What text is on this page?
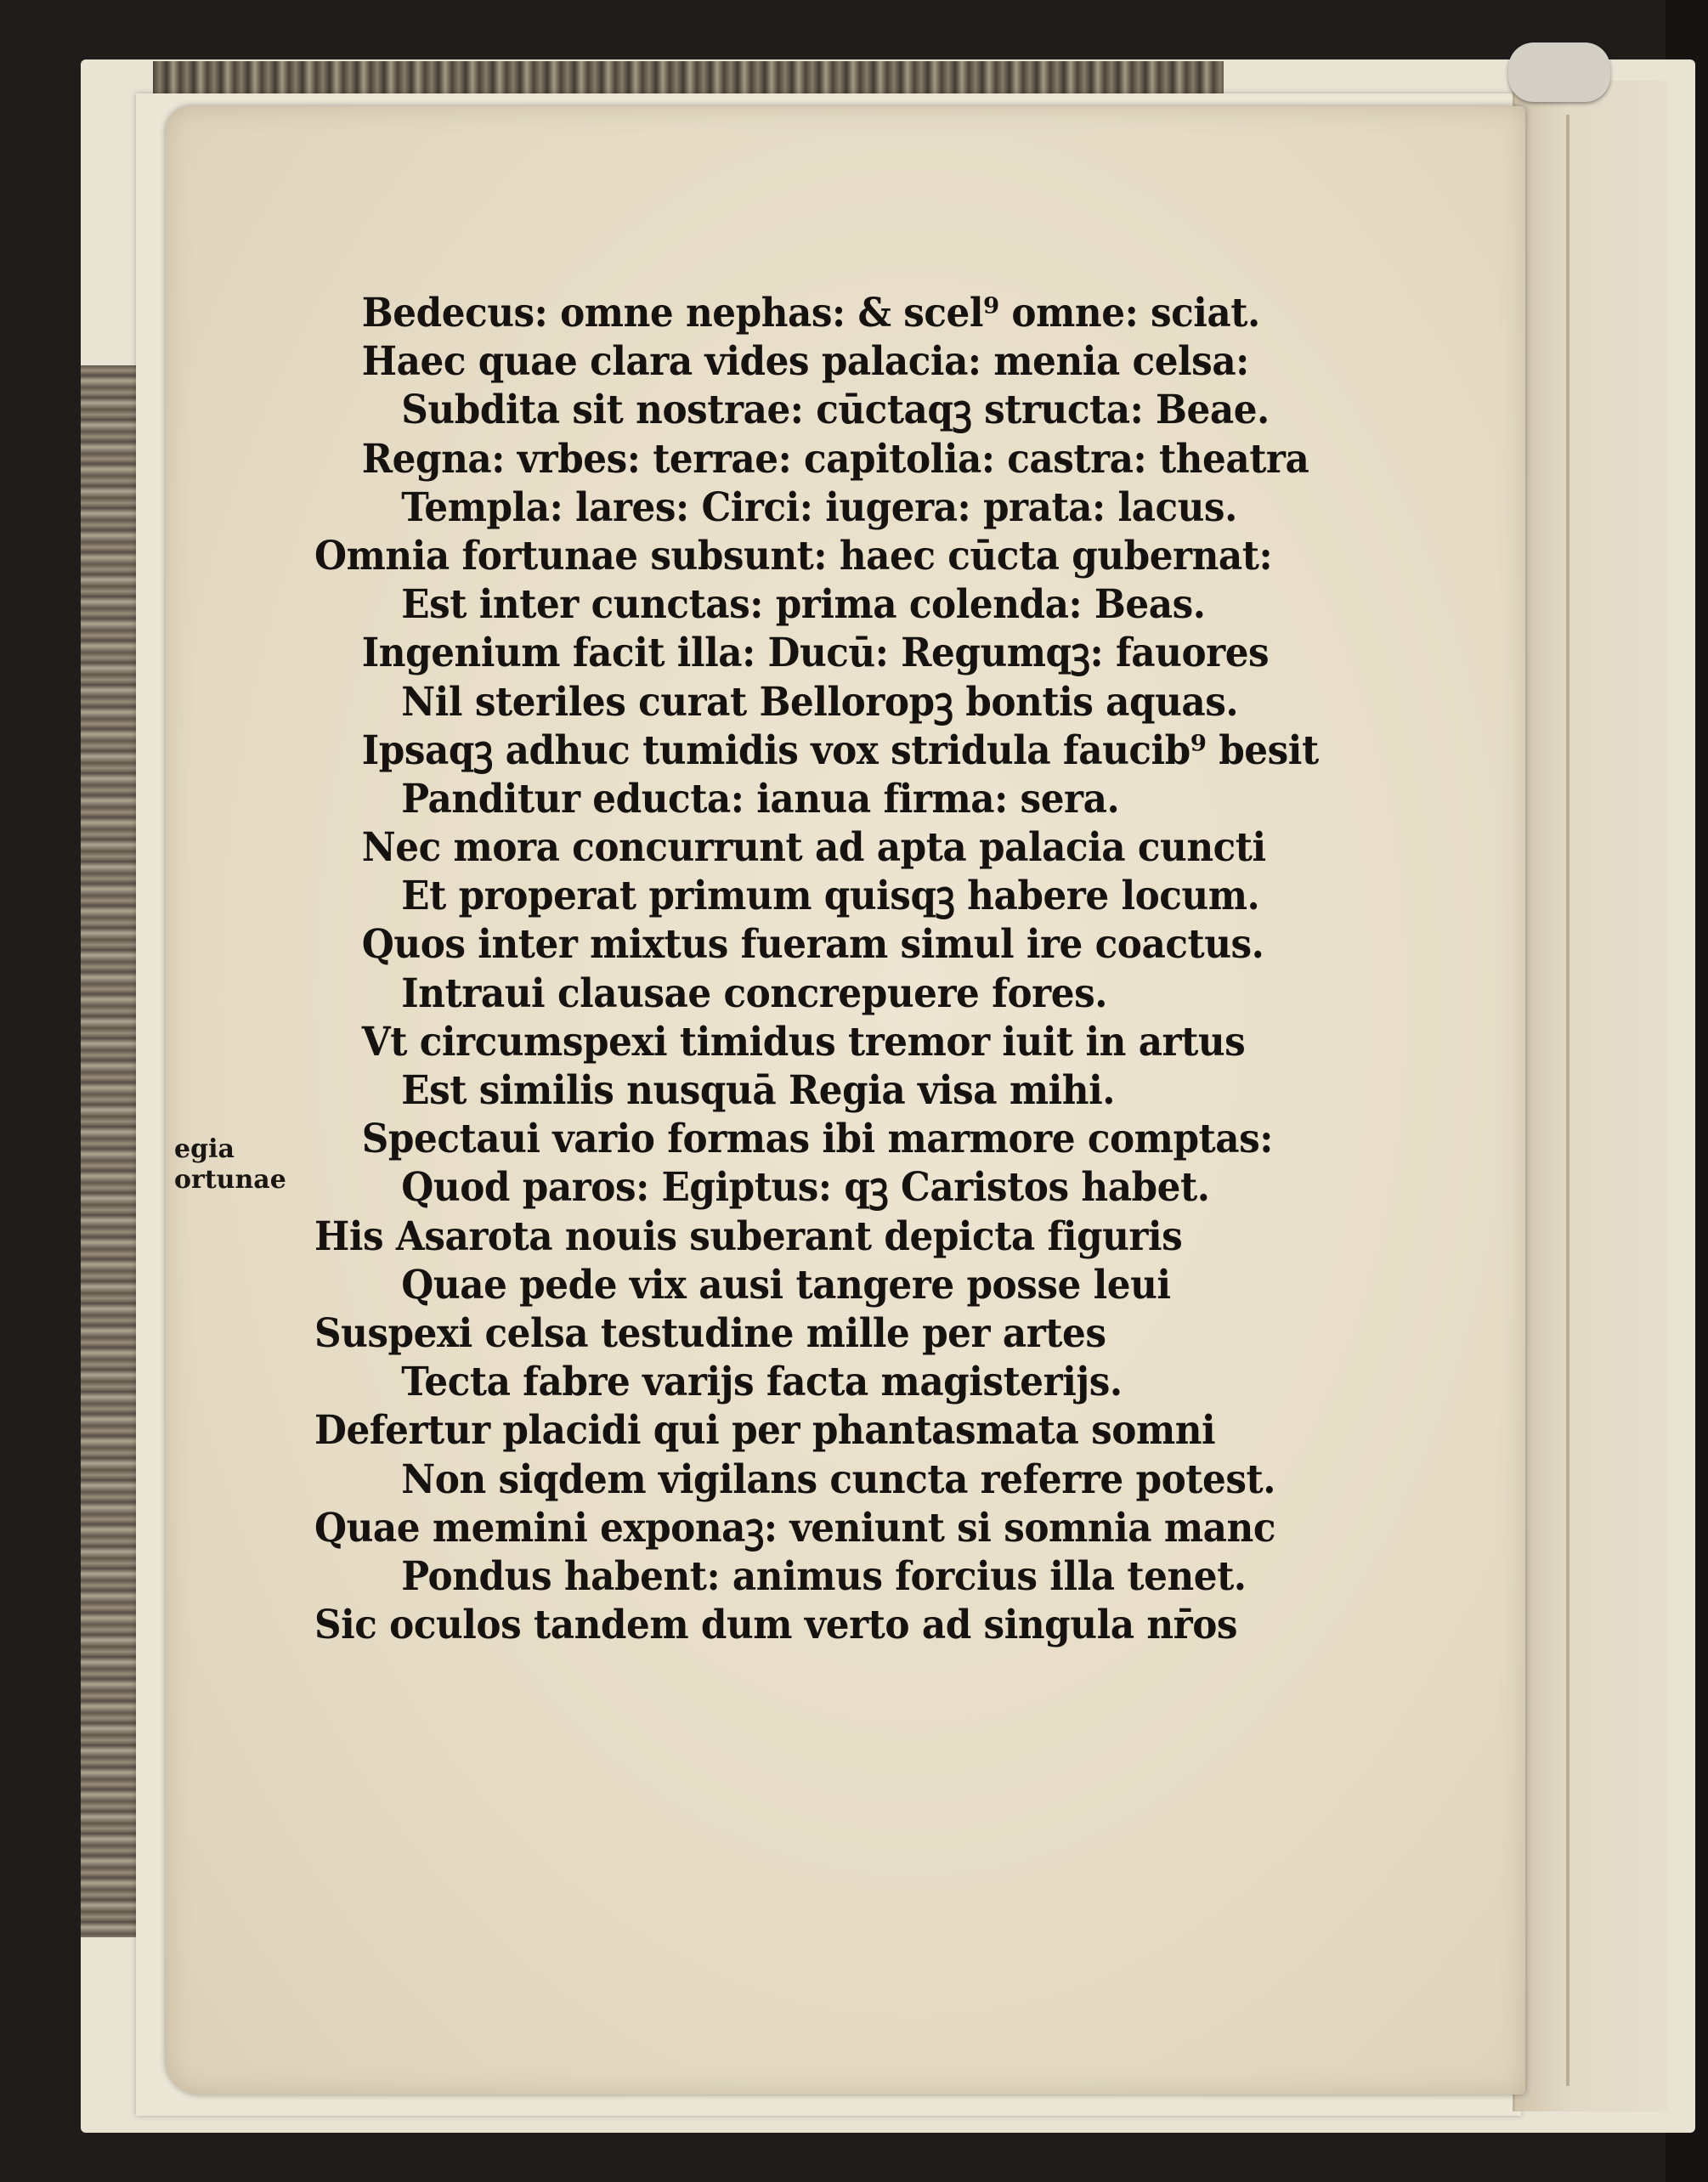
egia
ortunae
Bedecus: omne nephas: & scel⁹ omne: sciat.
Haec quae clara vides palacia: menia celsa:
Subdita sit nostrae: cūctaqꝫ structa: Beae.
Regna: vrbes: terrae: capitolia: castra: theatra
Templa: lares: Circi: iugera: prata: lacus.
Omnia fortunae subsunt: haec cūcta gubernat:
Est inter cunctas: prima colenda: Beas.
Ingenium facit illa: Ducū: Regumqꝫ: fauores
Nil steriles curat Belloropꝫ bontis aquas.
Ipsaqꝫ adhuc tumidis vox stridula faucib⁹ besit
Panditur educta: ianua firma: sera.
Nec mora concurrunt ad apta palacia cuncti
Et properat primum quisqꝫ habere locum.
Quos inter mixtus fueram simul ire coactus.
Intraui clausae concrepuere fores.
Vt circumspexi timidus tremor iuit in artus
Est similis nusquā Regia visa mihi.
Spectaui vario formas ibi marmore comptas:
Quod paros: Egiptus: qꝫ Caristos habet.
His Asarota nouis suberant depicta figuris
Quae pede vix ausi tangere posse leui
Suspexi celsa testudine mille per artes
Tecta fabre varijs facta magisterijs.
Defertur placidi qui per phantasmata somni
Non siqdem vigilans cuncta referre potest.
Quae memini exponaꝫ: veniunt si somnia manc
Pondus habent: animus forcius illa tenet.
Sic oculos tandem dum verto ad singula nr̄os
